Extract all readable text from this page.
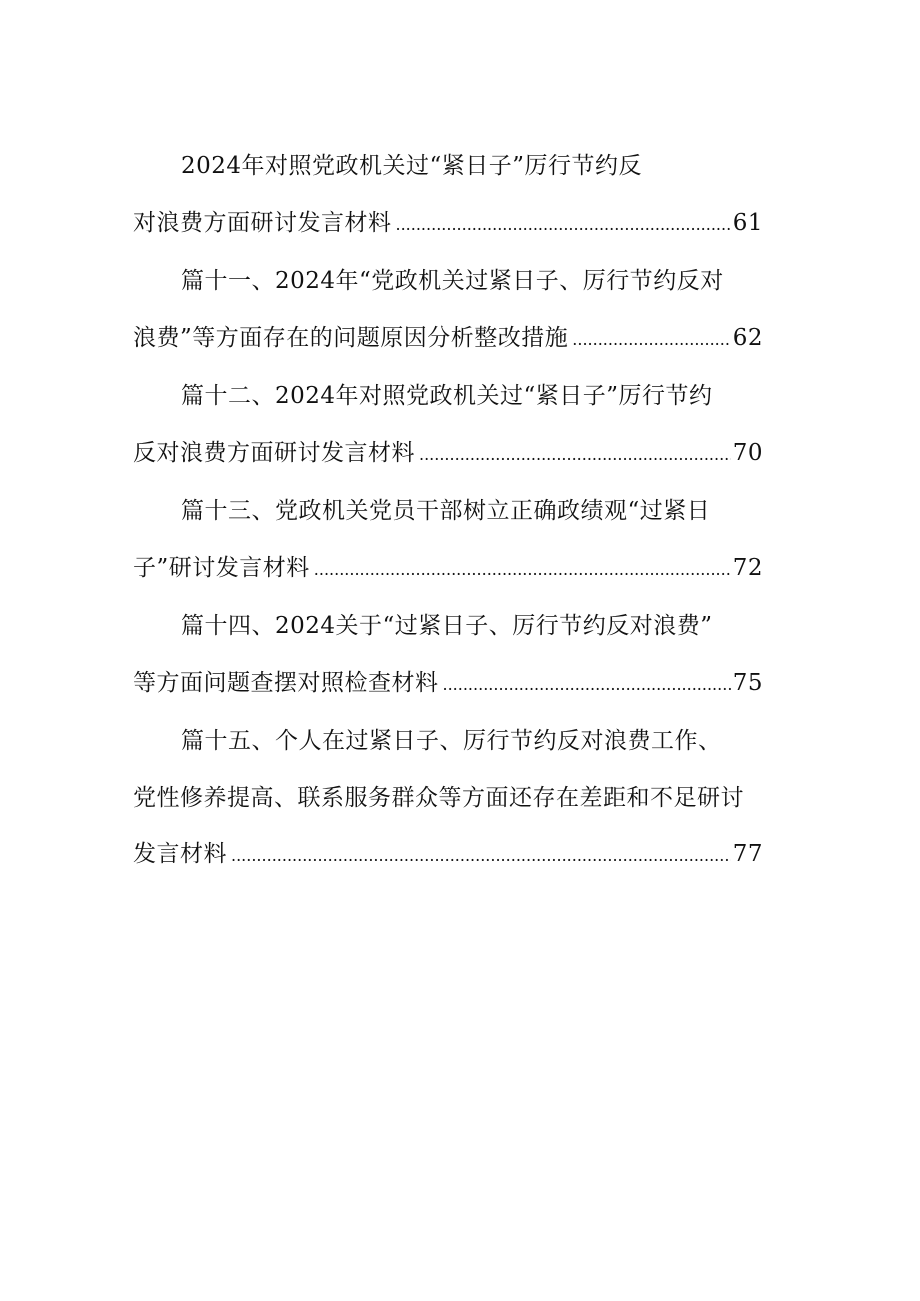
2024年对照党政机关过“紧日子”厉行节约反
对浪费方面研讨发言材料 .....	61
篇十一、2024年“党政机关过紧日子、厉行节约反对
浪费”等方面存在的问题原因分析整改措施 .....	62
篇十二、2024年对照党政机关过“紧日子”厉行节约
反对浪费方面研讨发言材料 .....	70
篇十三、党政机关党员干部树立正确政绩观“过紧日
子”研讨发言材料 .....	72
篇十四、2024关于“过紧日子、厉行节约反对浪费”
等方面问题查摆对照检查材料 .....	75
篇十五、个人在过紧日子、厉行节约反对浪费工作、
党性修养提高、联系服务群众等方面还存在差距和不足研讨
发言材料 .....	77
